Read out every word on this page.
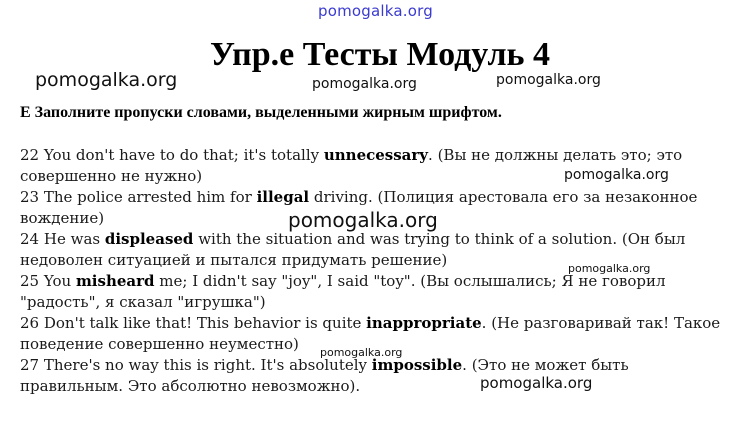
pomogalka.org
Упр.е Тесты Модуль 4
pomogalka.org	pomogalka.org	pomogalka.org
Е Заполните пропуски словами, выделенными жирным шрифтом.

22 You don't have to do that; it's totally unnecessary. (Вы не должны делать это; это совершенно не нужно)

23 The police arrested him for illegal driving. (Полиция арестовала его за незаконное вождение)

24 He was displeased with the situation and was trying to think of a solution. (Он был недоволен ситуацией и пытался придумать решение)

25 You misheard me; I didn't say "joy", I said "toy". (Вы ослышались; Я не говорил "радость", я сказал "игрушка")

26 Don't talk like that! This behavior is quite inappropriate. (Не разговаривай так! Такое поведение совершенно неуместно)

27 There's no way this is right. It's absolutely impossible. (Это не может быть правильным. Это абсолютно невозможно).

pomogalka.org
pomogalka.org
pomogalka.org
pomogalka.org
pomogalka.org
